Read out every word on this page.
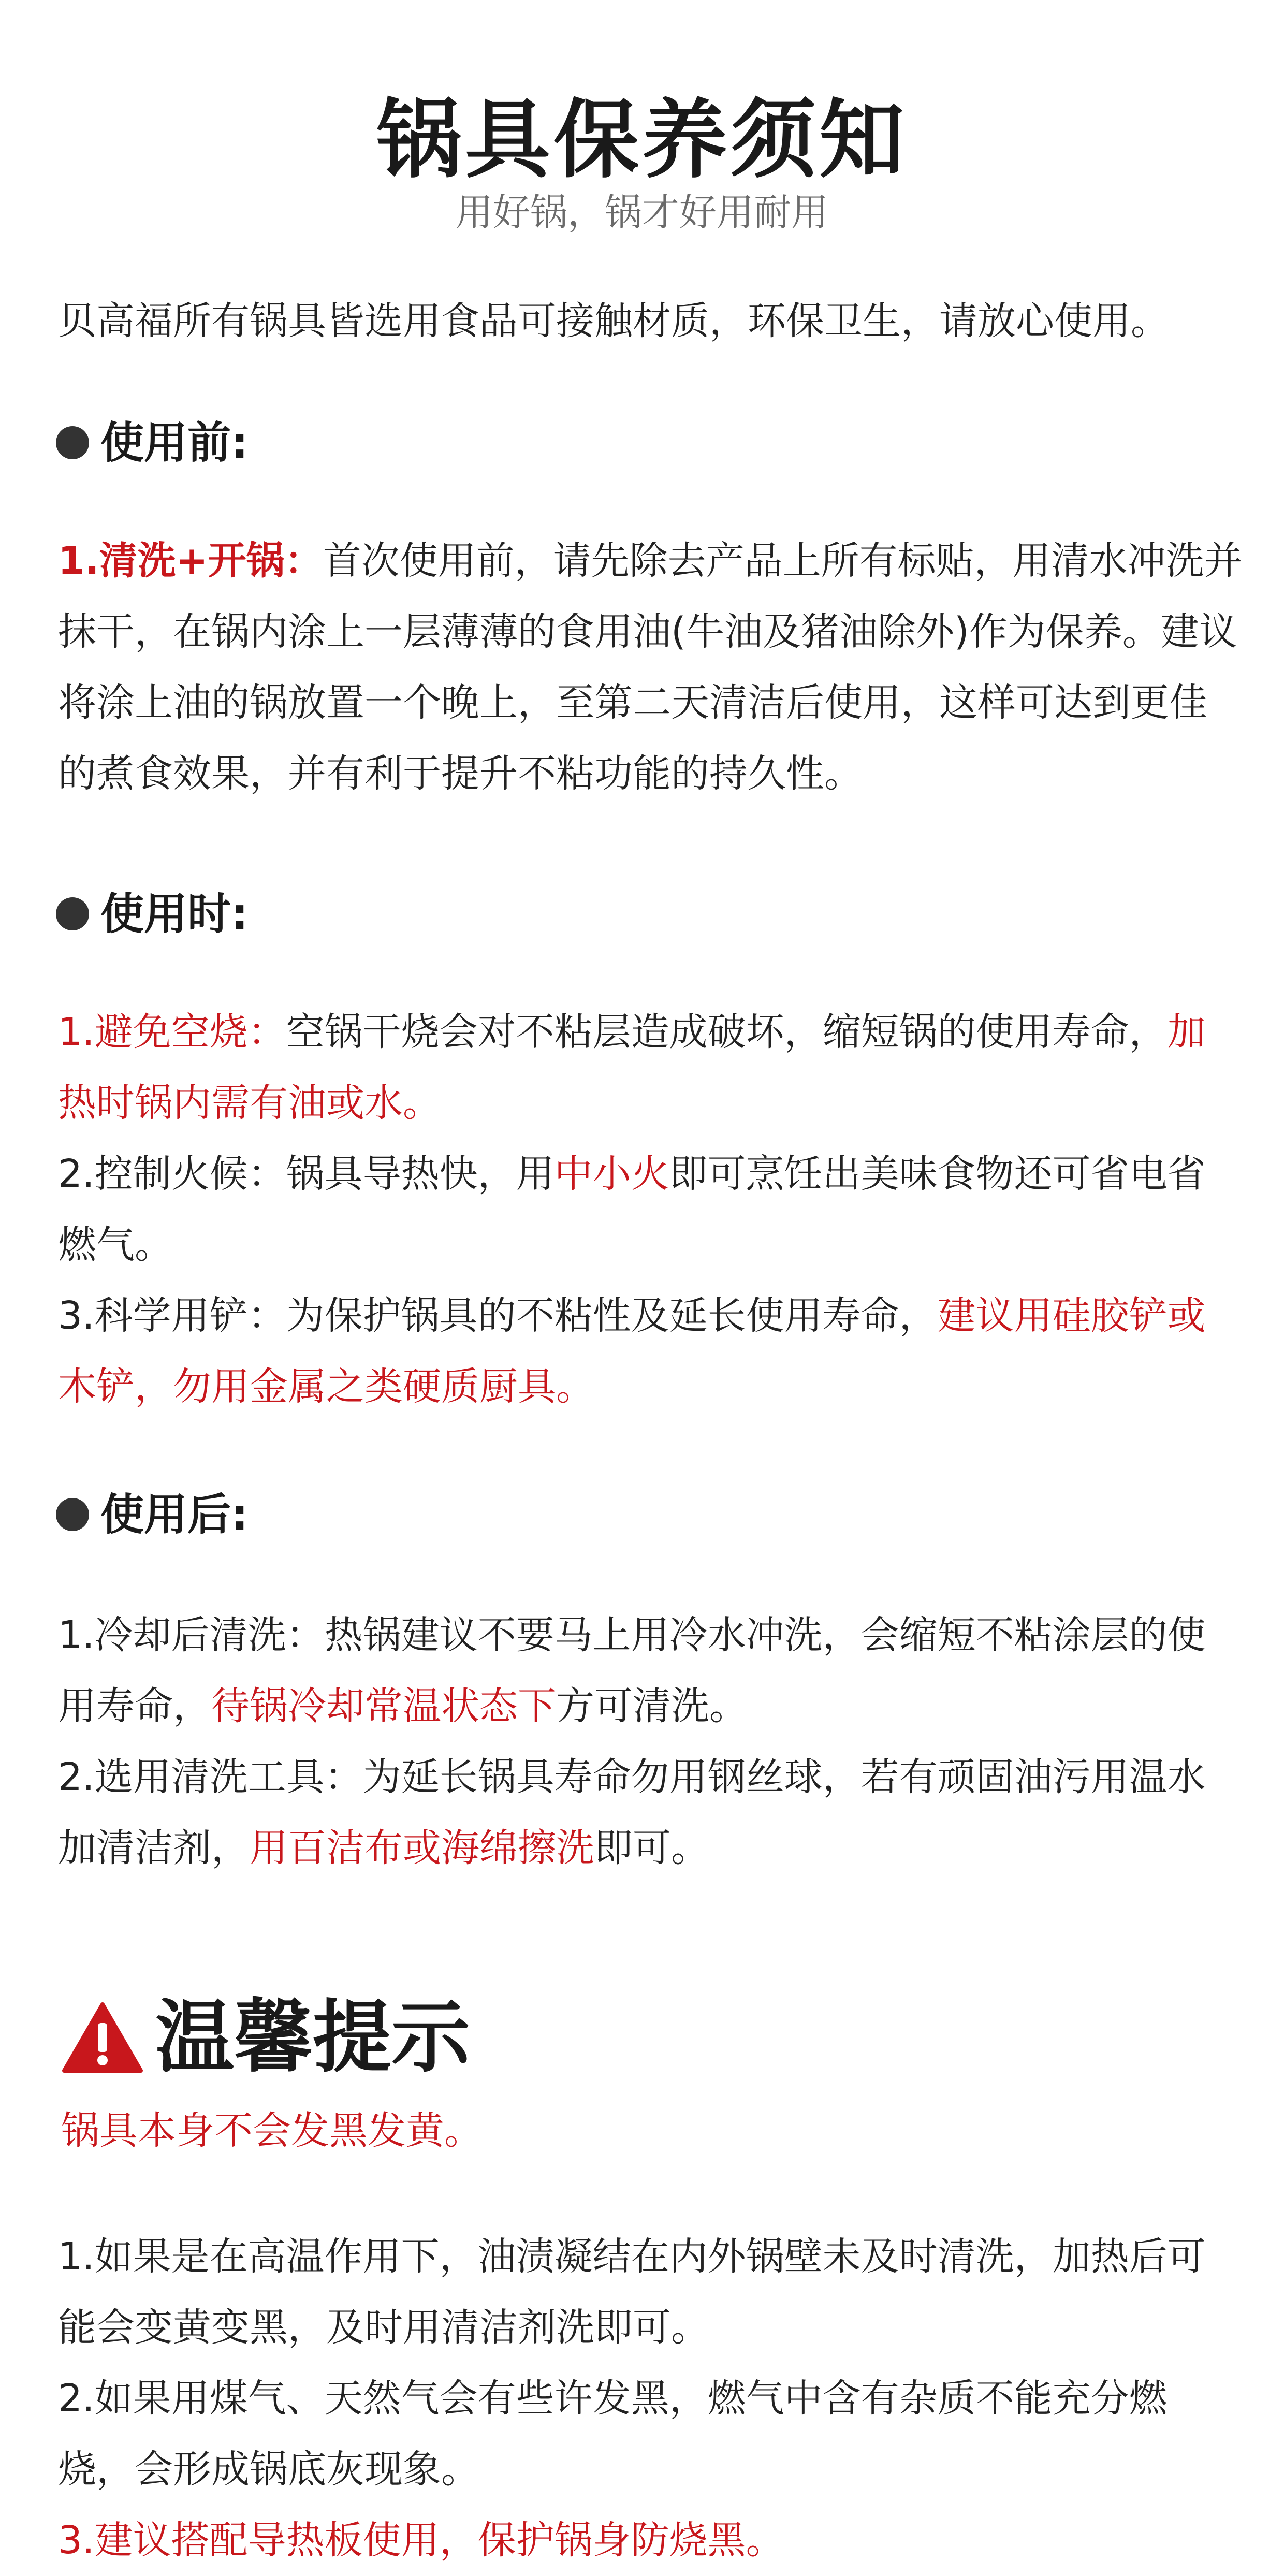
锅具保养须知
用好锅，锅才好用耐用
贝高福所有锅具皆选用食品可接触材质，环保卫生，请放心使用。
使用前:
1.清洗+开锅：首次使用前，请先除去产品上所有标贴，用清水冲洗并抹干，在锅内涂上一层薄薄的食用油(牛油及猪油除外)作为保养。建议将涂上油的锅放置一个晚上，至第二天清洁后使用，这样可达到更佳的煮食效果，并有利于提升不粘功能的持久性。
使用时:
1.避免空烧：空锅干烧会对不粘层造成破坏，缩短锅的使用寿命，加热时锅内需有油或水。
2.控制火候：锅具导热快，用中小火即可烹饪出美味食物还可省电省燃气。
3.科学用铲：为保护锅具的不粘性及延长使用寿命，建议用硅胶铲或木铲，勿用金属之类硬质厨具。
使用后:
1.冷却后清洗：热锅建议不要马上用冷水冲洗，会缩短不粘涂层的使用寿命，待锅冷却常温状态下方可清洗。
2.选用清洗工具：为延长锅具寿命勿用钢丝球，若有顽固油污用温水加清洁剂，用百洁布或海绵擦洗即可。
温馨提示
锅具本身不会发黑发黄。
1.如果是在高温作用下，油渍凝结在内外锅壁未及时清洗，加热后可能会变黄变黑，及时用清洁剂洗即可。
2.如果用煤气、天然气会有些许发黑，燃气中含有杂质不能充分燃烧，会形成锅底灰现象。
3.建议搭配导热板使用，保护锅身防烧黑。
